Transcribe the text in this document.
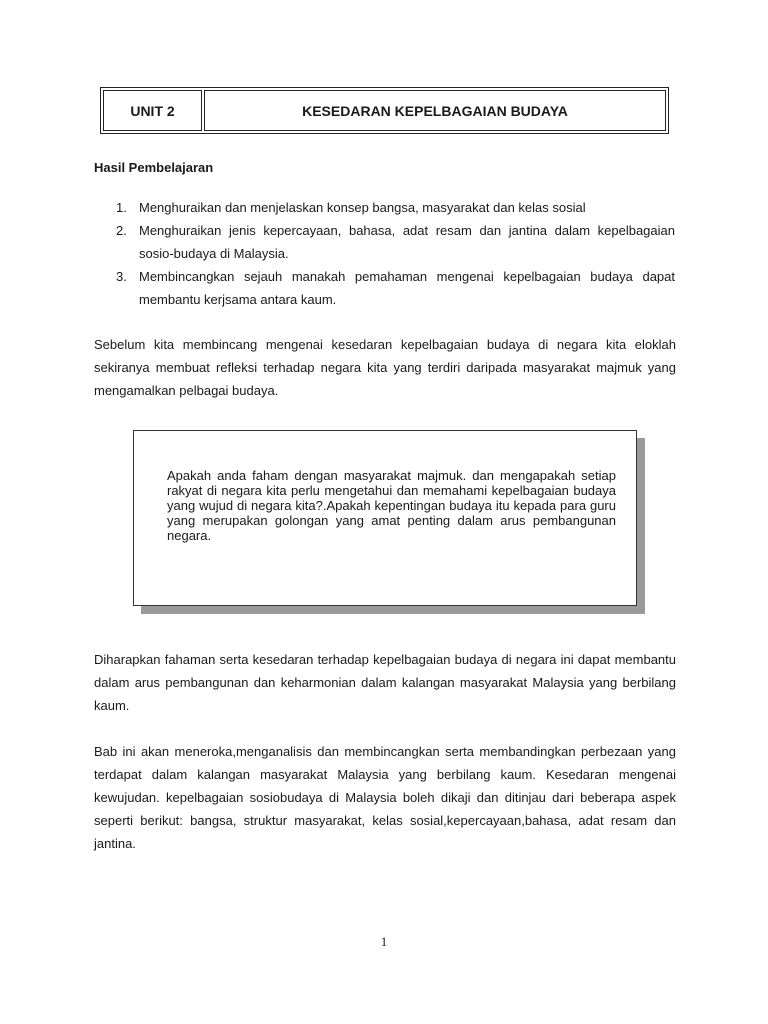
UNIT 2	KESEDARAN KEPELBAGAIAN BUDAYA
Hasil Pembelajaran
1. Menghuraikan dan menjelaskan konsep bangsa, masyarakat dan kelas sosial
2. Menghuraikan jenis kepercayaan, bahasa, adat resam dan jantina dalam kepelbagaian sosio-budaya di Malaysia.
3. Membincangkan sejauh manakah pemahaman mengenai kepelbagaian budaya dapat membantu kerjsama antara kaum.

Sebelum kita membincang mengenai kesedaran kepelbagaian budaya di negara kita eloklah sekiranya membuat refleksi terhadap negara kita yang terdiri daripada masyarakat majmuk yang mengamalkan pelbagai budaya.

Apakah anda faham dengan masyarakat majmuk. dan mengapakah setiap rakyat di negara kita perlu mengetahui dan memahami kepelbagaian budaya yang wujud di negara kita?.Apakah kepentingan budaya itu kepada para guru yang merupakan golongan yang amat penting dalam arus pembangunan negara.

Diharapkan fahaman serta kesedaran terhadap kepelbagaian budaya di negara ini dapat membantu dalam arus pembangunan dan keharmonian dalam kalangan masyarakat Malaysia yang berbilang kaum.

Bab ini akan meneroka,menganalisis dan membincangkan serta membandingkan perbezaan yang terdapat dalam kalangan masyarakat Malaysia yang berbilang kaum. Kesedaran mengenai kewujudan. kepelbagaian sosiobudaya di Malaysia boleh dikaji dan ditinjau dari beberapa aspek seperti berikut: bangsa, struktur masyarakat, kelas sosial,kepercayaan,bahasa, adat resam dan jantina.

1
